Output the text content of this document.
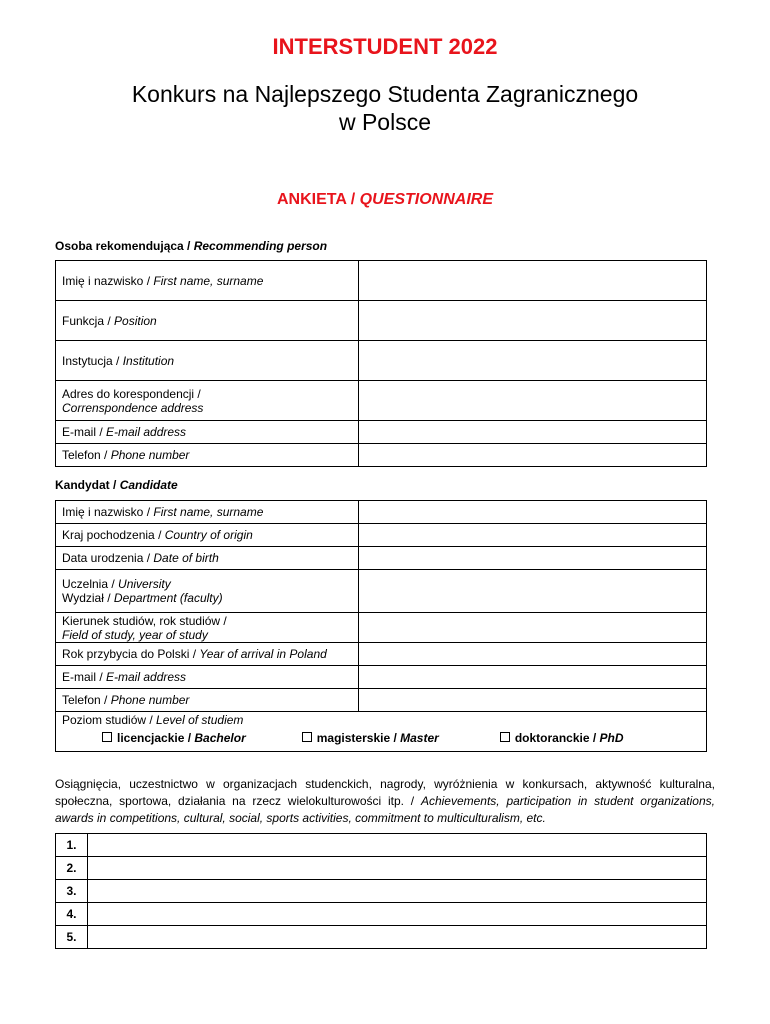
INTERSTUDENT 2022
Konkurs na Najlepszego Studenta Zagranicznego
w Polsce
ANKIETA / QUESTIONNAIRE
Osoba rekomendująca / Recommending person
Imię i nazwisko / First name, surname	
Funkcja / Position	
Instytucja / Institution	

Adres do korespondencji /
Correnspondence address	
E-mail / E-mail address	
Telefon / Phone number	
Kandydat / Candidate
Imię i nazwisko / First name, surname	
Kraj pochodzenia / Country of origin	
Data urodzenia / Date of birth	

Uczelnia / University
Wydział / Department (faculty)	

Kierunek studiów, rok studiów /
Field of study, year of study	
Rok przybycia do Polski / Year of arrival in Poland	
E-mail / E-mail address	
Telefon / Phone number	

Poziom studiów / Level of studiem
licencjackie / Bachelor magisterskie / Master doktoranckie / PhD	
Osiągnięcia, uczestnictwo w organizacjach studenckich, nagrody, wyróżnienia w konkursach, aktywność kulturalna, społeczna, sportowa, działania na rzecz wielokulturowości itp. / Achievements, participation in student organizations, awards in competitions, cultural, social, sports activities, commitment to multiculturalism, etc.
1.	
2.	
3.	
4.	
5.	
